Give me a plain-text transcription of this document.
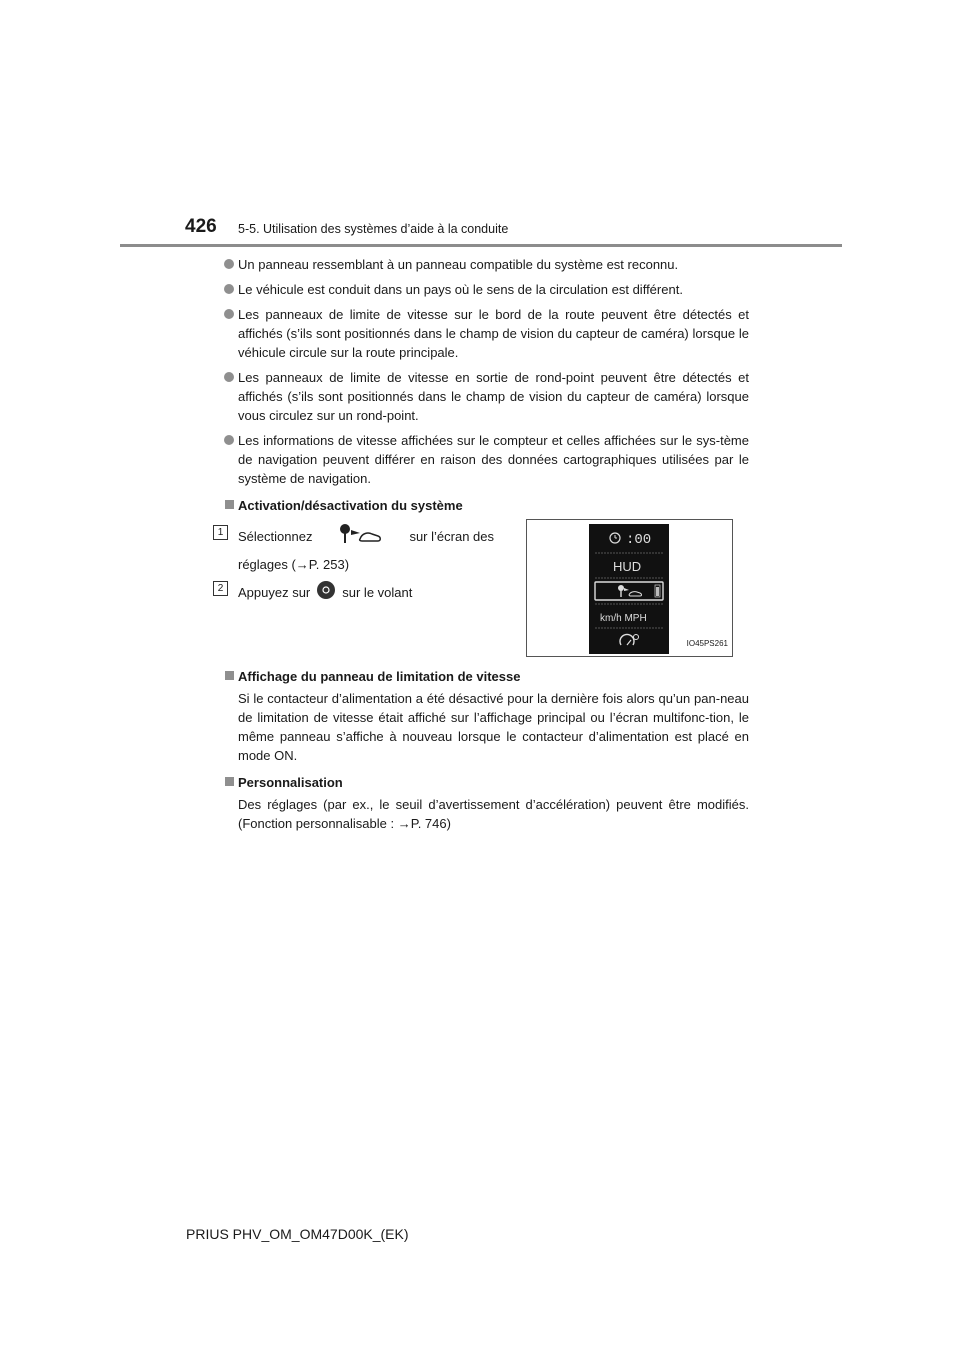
426 5-5. Utilisation des systèmes d’aide à la conduite
Un panneau ressemblant à un panneau compatible du système est reconnu.
Le véhicule est conduit dans un pays où le sens de la circulation est différent.
Les panneaux de limite de vitesse sur le bord de la route peuvent être détectés et affichés (s’ils sont positionnés dans le champ de vision du capteur de caméra) lorsque le véhicule circule sur la route principale.
Les panneaux de limite de vitesse en sortie de rond-point peuvent être détectés et affichés (s’ils sont positionnés dans le champ de vision du capteur de caméra) lorsque vous circulez sur un rond-point.
Les informations de vitesse affichées sur le compteur et celles affichées sur le sys-tème de navigation peuvent différer en raison des données cartographiques utilisées par le système de navigation.
Activation/désactivation du système
1	Sélectionnez	sur l’écran des
réglages (→P. 253)
2	Appuyez sur sur le volant
:00
HUD
km/h MPH
IO45PS261
Affichage du panneau de limitation de vitesse
Si le contacteur d’alimentation a été désactivé pour la dernière fois alors qu’un pan-neau de limitation de vitesse était affiché sur l’affichage principal ou l’écran multifonc-tion, le même panneau s’affiche à nouveau lorsque le contacteur d’alimentation est placé en mode ON.
Personnalisation
Des réglages (par ex., le seuil d’avertissement d’accélération) peuvent être modifiés. (Fonction personnalisable : →P. 746)
PRIUS PHV_OM_OM47D00K_(EK)
